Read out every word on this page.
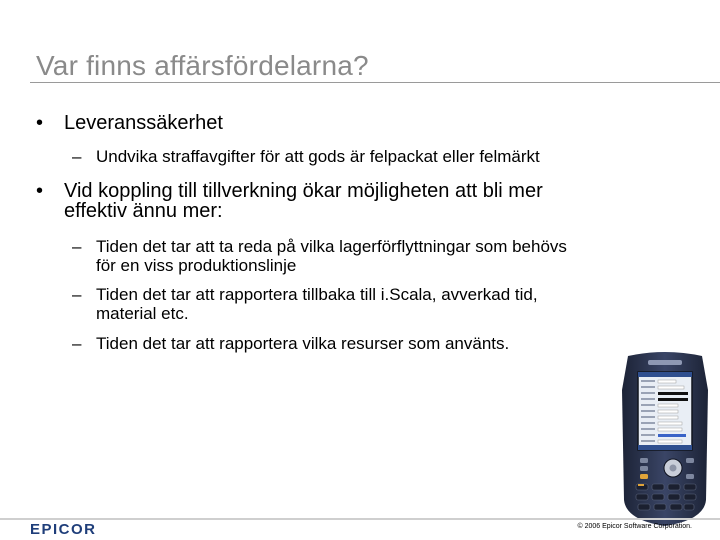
Var finns affärsfördelarna?
• Leveranssäkerhet
– Undvika straffavgifter för att gods är felpackat eller felmärkt
• Vid koppling till tillverkning ökar möjligheten att bli mer
effektiv ännu mer:
– Tiden det tar att ta reda på vilka lagerförflyttningar som behövs
för en viss produktionslinje
– Tiden det tar att rapportera tillbaka till i.Scala, avverkad tid,
material etc.
– Tiden det tar att rapportera vilka resurser som använts.
EPICOR	© 2006 Epicor Software Corporation.
